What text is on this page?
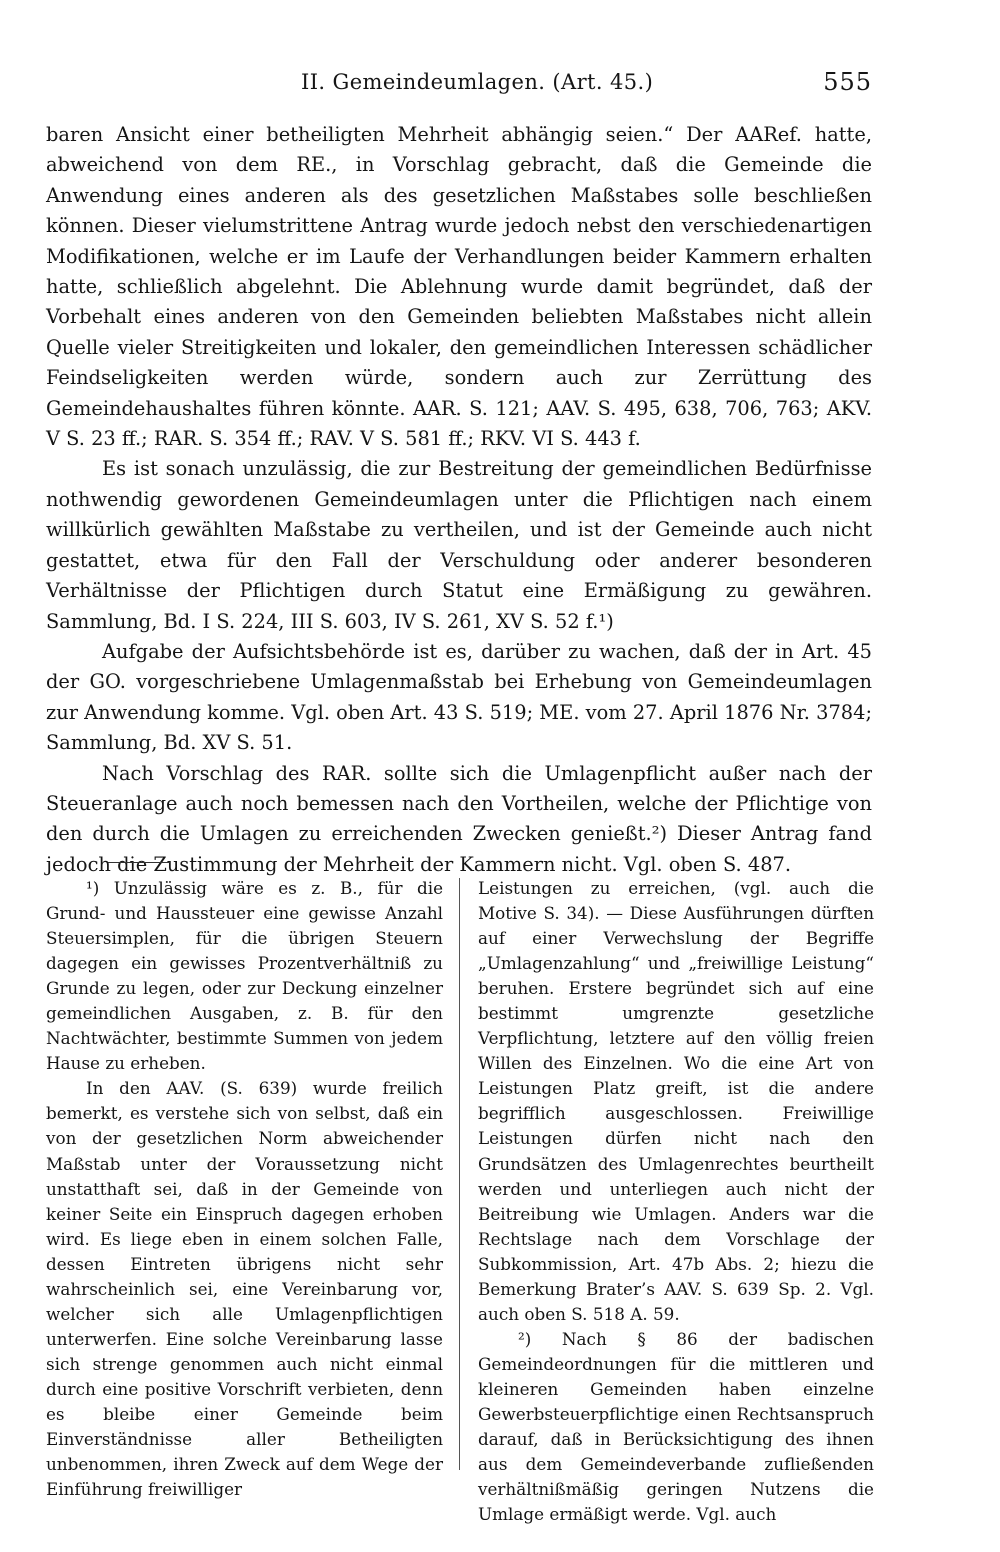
II. Gemeindeumlagen. (Art. 45.)	555

baren Ansicht einer betheiligten Mehrheit abhängig seien.“ Der AARef. hatte, abweichend von dem RE., in Vorschlag gebracht, daß die Gemeinde die Anwendung eines anderen als des gesetzlichen Maßstabes solle beschließen können. Dieser vielumstrittene Antrag wurde jedoch nebst den verschiedenartigen Modifikationen, welche er im Laufe der Verhandlungen beider Kammern erhalten hatte, schließlich abgelehnt. Die Ablehnung wurde damit begründet, daß der Vorbehalt eines anderen von den Gemeinden beliebten Maßstabes nicht allein Quelle vieler Streitigkeiten und lokaler, den gemeindlichen Interessen schädlicher Feindseligkeiten werden würde, sondern auch zur Zerrüttung des Gemeindehaushaltes führen könnte. AAR. S. 121; AAV. S. 495, 638, 706, 763; AKV. V S. 23 ff.; RAR. S. 354 ff.; RAV. V S. 581 ff.; RKV. VI S. 443 f.

Es ist sonach unzulässig, die zur Bestreitung der gemeindlichen Bedürfnisse nothwendig gewordenen Gemeindeumlagen unter die Pflichtigen nach einem willkürlich gewählten Maßstabe zu vertheilen, und ist der Gemeinde auch nicht gestattet, etwa für den Fall der Verschuldung oder anderer besonderen Verhältnisse der Pflichtigen durch Statut eine Ermäßigung zu gewähren. Sammlung, Bd. I S. 224, III S. 603, IV S. 261, XV S. 52 f.¹)

Aufgabe der Aufsichtsbehörde ist es, darüber zu wachen, daß der in Art. 45 der GO. vorgeschriebene Umlagenmaßstab bei Erhebung von Gemeindeumlagen zur Anwendung komme. Vgl. oben Art. 43 S. 519; ME. vom 27. April 1876 Nr. 3784; Sammlung, Bd. XV S. 51.

Nach Vorschlag des RAR. sollte sich die Umlagenpflicht außer nach der Steueranlage auch noch bemessen nach den Vortheilen, welche der Pflichtige von den durch die Umlagen zu erreichenden Zwecken genießt.²) Dieser Antrag fand jedoch die Zustimmung der Mehrheit der Kammern nicht. Vgl. oben S. 487.

¹) Unzulässig wäre es z. B., für die Grund- und Haussteuer eine gewisse Anzahl Steuersimplen, für die übrigen Steuern dagegen ein gewisses Prozentverhältniß zu Grunde zu legen, oder zur Deckung einzelner gemeindlichen Ausgaben, z. B. für den Nachtwächter, bestimmte Summen von jedem Hause zu erheben.

In den AAV. (S. 639) wurde freilich bemerkt, es verstehe sich von selbst, daß ein von der gesetzlichen Norm abweichender Maßstab unter der Voraussetzung nicht unstatthaft sei, daß in der Gemeinde von keiner Seite ein Einspruch dagegen erhoben wird. Es liege eben in einem solchen Falle, dessen Eintreten übrigens nicht sehr wahrscheinlich sei, eine Vereinbarung vor, welcher sich alle Umlagenpflichtigen unterwerfen. Eine solche Vereinbarung lasse sich strenge genommen auch nicht einmal durch eine positive Vorschrift verbieten, denn es bleibe einer Gemeinde beim Einverständnisse aller Betheiligten unbenommen, ihren Zweck auf dem Wege der Einführung freiwilliger

Leistungen zu erreichen, (vgl. auch die Motive S. 34). — Diese Ausführungen dürften auf einer Verwechslung der Begriffe „Umlagenzahlung“ und „freiwillige Leistung“ beruhen. Erstere begründet sich auf eine bestimmt umgrenzte gesetzliche Verpflichtung, letztere auf den völlig freien Willen des Einzelnen. Wo die eine Art von Leistungen Platz greift, ist die andere begrifflich ausgeschlossen. Freiwillige Leistungen dürfen nicht nach den Grundsätzen des Umlagenrechtes beurtheilt werden und unterliegen auch nicht der Beitreibung wie Umlagen. Anders war die Rechtslage nach dem Vorschlage der Subkommission, Art. 47b Abs. 2; hiezu die Bemerkung Brater’s AAV. S. 639 Sp. 2. Vgl. auch oben S. 518 A. 59.

²) Nach § 86 der badischen Gemeindeordnungen für die mittleren und kleineren Gemeinden haben einzelne Gewerbsteuerpflichtige einen Rechtsanspruch darauf, daß in Berücksichtigung des ihnen aus dem Gemeindeverbande zufließenden verhältnißmäßig geringen Nutzens die Umlage ermäßigt werde. Vgl. auch
